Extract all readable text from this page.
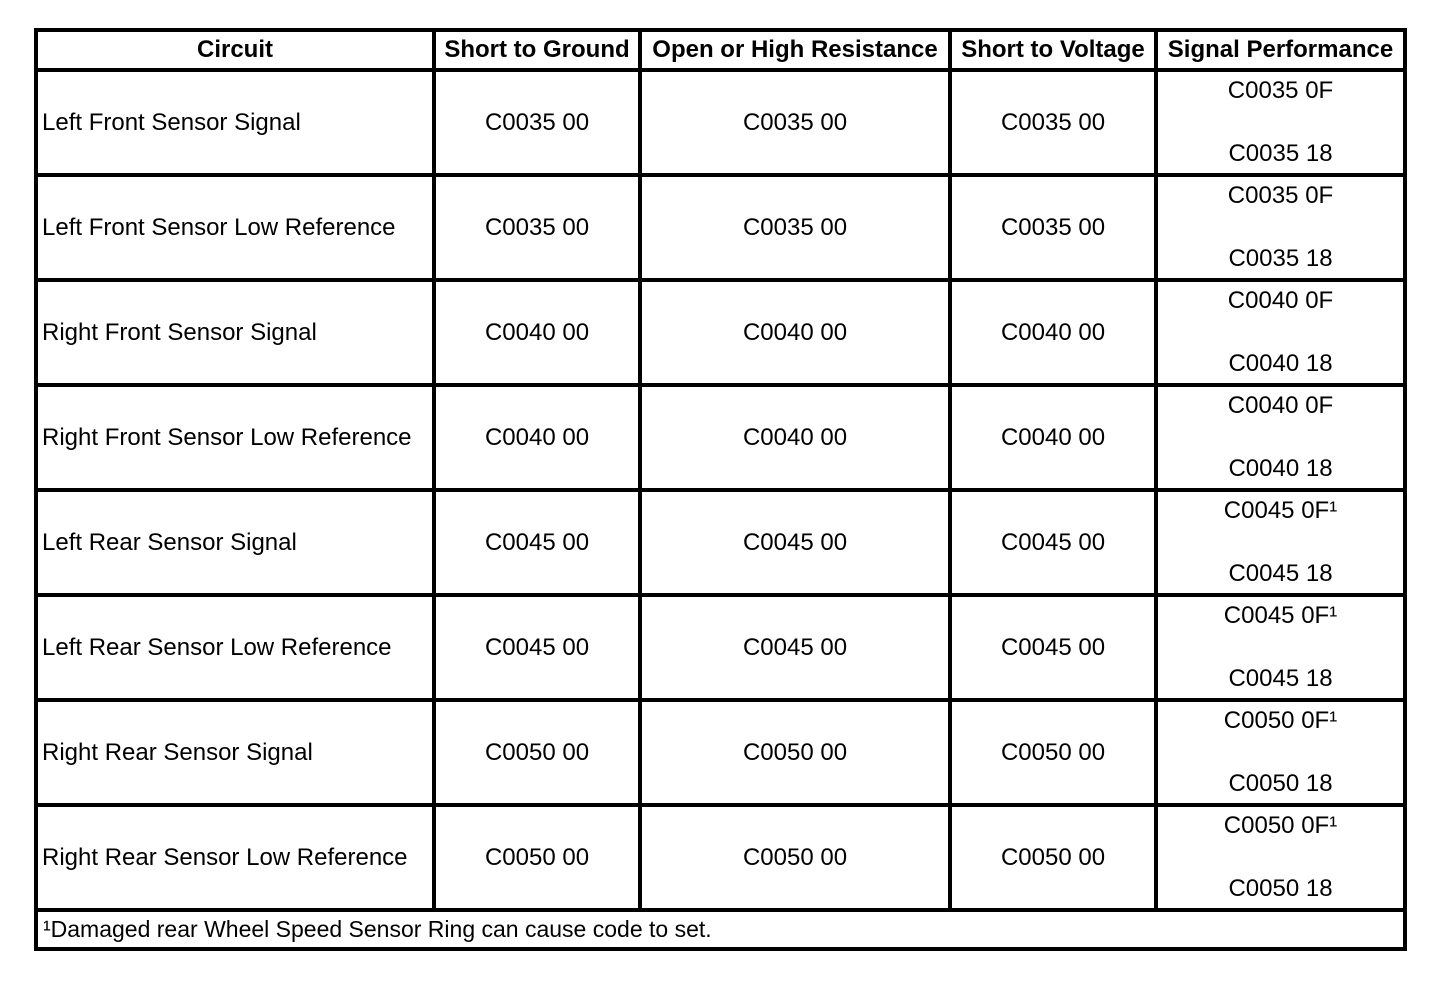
Circuit	Short to Ground	Open or High Resistance	Short to Voltage	Signal Performance
Left Front Sensor Signal	C0035 00	C0035 00	C0035 00	C0035 0F
C0035 18

Left Front Sensor Low Reference	C0035 00	C0035 00	C0035 00	C0035 0F
C0035 18

Right Front Sensor Signal	C0040 00	C0040 00	C0040 00	C0040 0F
C0040 18

Right Front Sensor Low Reference	C0040 00	C0040 00	C0040 00	C0040 0F
C0040 18

Left Rear Sensor Signal	C0045 00	C0045 00	C0045 00	C0045 0F¹
C0045 18

Left Rear Sensor Low Reference	C0045 00	C0045 00	C0045 00	C0045 0F¹
C0045 18

Right Rear Sensor Signal	C0050 00	C0050 00	C0050 00	C0050 0F¹
C0050 18

Right Rear Sensor Low Reference	C0050 00	C0050 00	C0050 00	C0050 0F¹
C0050 18

¹Damaged rear Wheel Speed Sensor Ring can cause code to set.				
